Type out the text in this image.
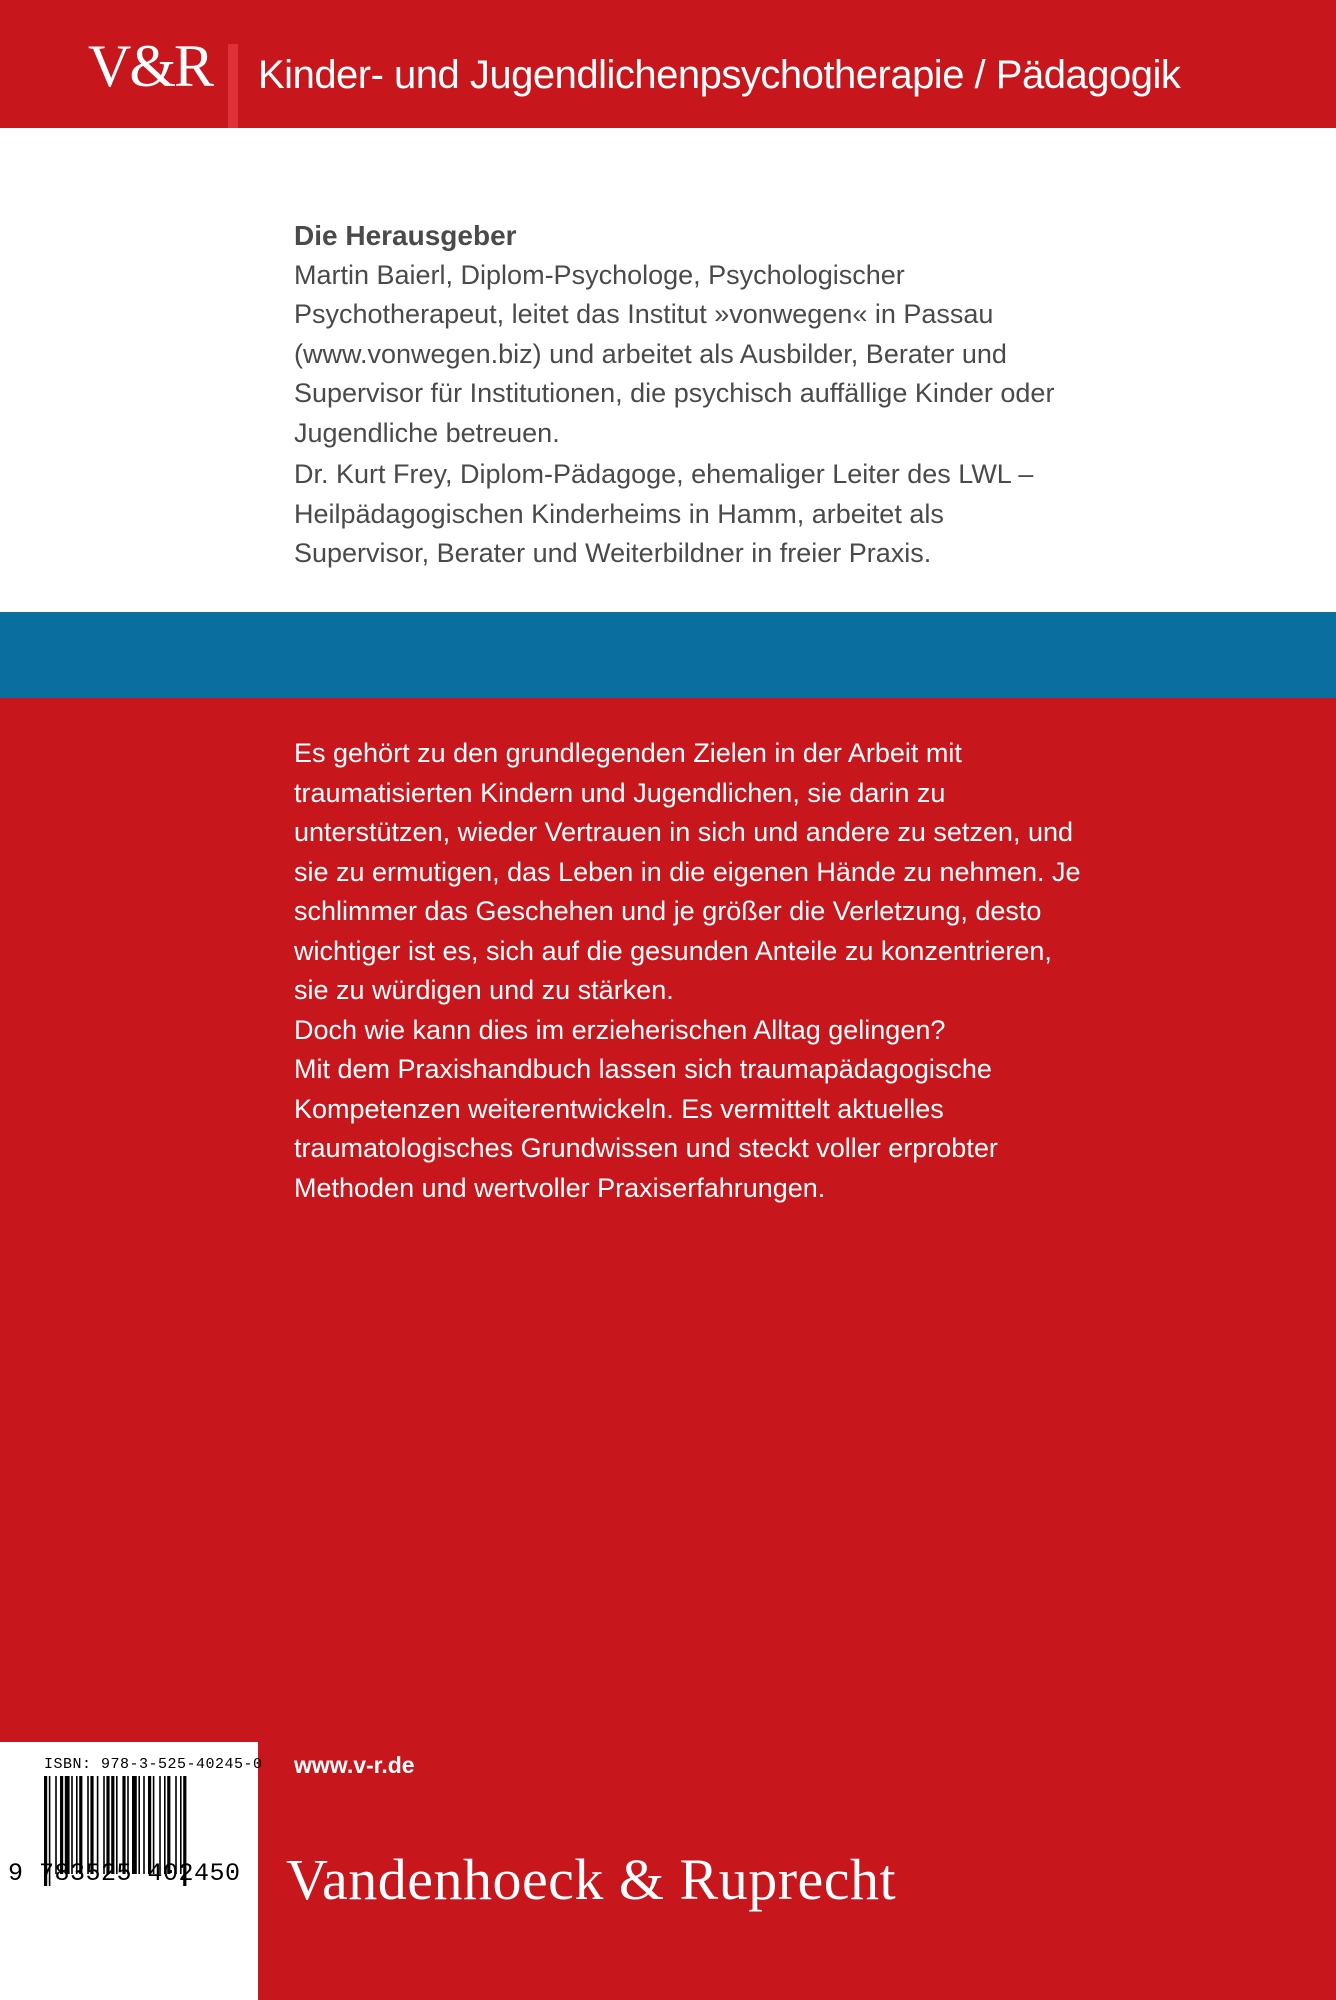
V&R Kinder- und Jugendlichenpsychotherapie / Pädagogik
Die Herausgeber

Martin Baierl, Diplom-Psychologe, Psychologischer Psychotherapeut, leitet das Institut »vonwegen« in Passau (www.vonwegen.biz) und arbeitet als Ausbilder, Berater und Supervisor für Institutionen, die psychisch auffällige Kinder oder Jugendliche betreuen.

Dr. Kurt Frey, Diplom-Pädagoge, ehemaliger Leiter des LWL – Heilpädagogischen Kinderheims in Hamm, arbeitet als Supervisor, Berater und Weiterbildner in freier Praxis.

Es gehört zu den grundlegenden Zielen in der Arbeit mit traumatisierten Kindern und Jugendlichen, sie darin zu unterstützen, wieder Vertrauen in sich und andere zu setzen, und sie zu ermutigen, das Leben in die eigenen Hände zu nehmen. Je schlimmer das Geschehen und je größer die Verletzung, desto wichtiger ist es, sich auf die gesunden Anteile zu konzentrieren, sie zu würdigen und zu stärken.

Doch wie kann dies im erzieherischen Alltag gelingen?

Mit dem Praxishandbuch lassen sich traumapädagogische Kompetenzen weiterentwickeln. Es vermittelt aktuelles traumatologisches Grundwissen und steckt voller erprobter Methoden und wertvoller Praxiserfahrungen.

ISBN: 978-3-525-40245-0
9 783525 402450
www.v-r.de
Vandenhoeck & Ruprecht
